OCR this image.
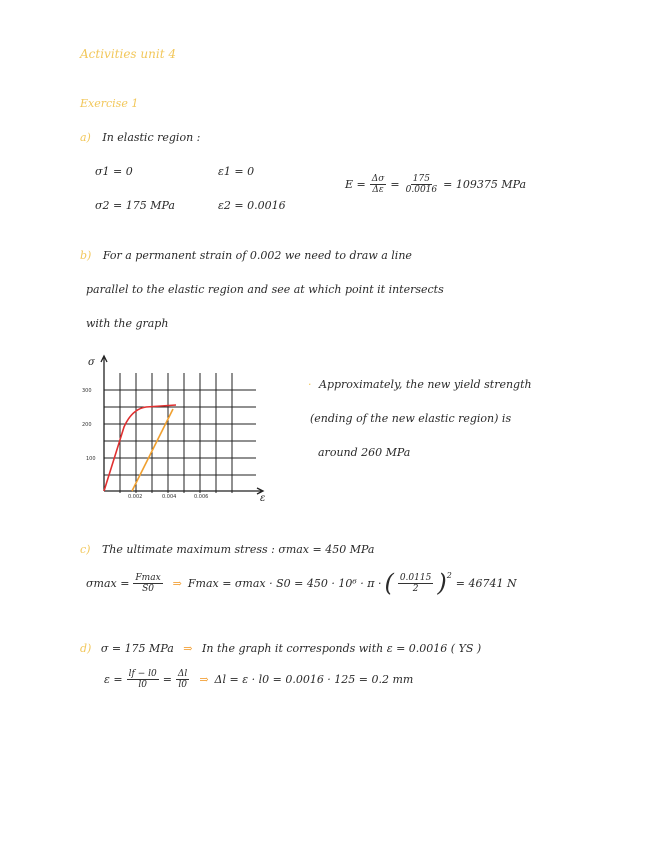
Activities unit 4
Exercise 1
a) In elastic region :
σ1 = 0	ε1 = 0
σ2 = 175 MPa	ε2 = 0.0016
$E = \frac{\Delta\sigma}{\Delta\varepsilon} = \frac{175}{0.0016} = 109375$ MPa
b) For a permanent strain of 0.002 we need to draw a line
parallel to the elastic region and see at which point it intersects
with the graph
σ
ε
300
200
100
0.002	0.004	0.006
· Approximately, the new yield strength
(ending of the new elastic region) is
around 260 MPa
c) The ultimate maximum stress : σmax = 450 MPa
$\sigma\max = \frac{Fmax}{S0}$ ⇒ Fmax = σmax · S0 = 450 · 10⁶ · π · ( $\frac{0.0115}{2} )^2$
= 46741 N
d) σ = 175 MPa ⇒ In the graph it corresponds with ε = 0.0016 ( YS )
$\varepsilon = \frac{lf - l0}{l0} = \frac{\Delta l}{l0}$ ⇒ Δl = ε · l0 = 0.0016 · 125 = 0.2 mm
